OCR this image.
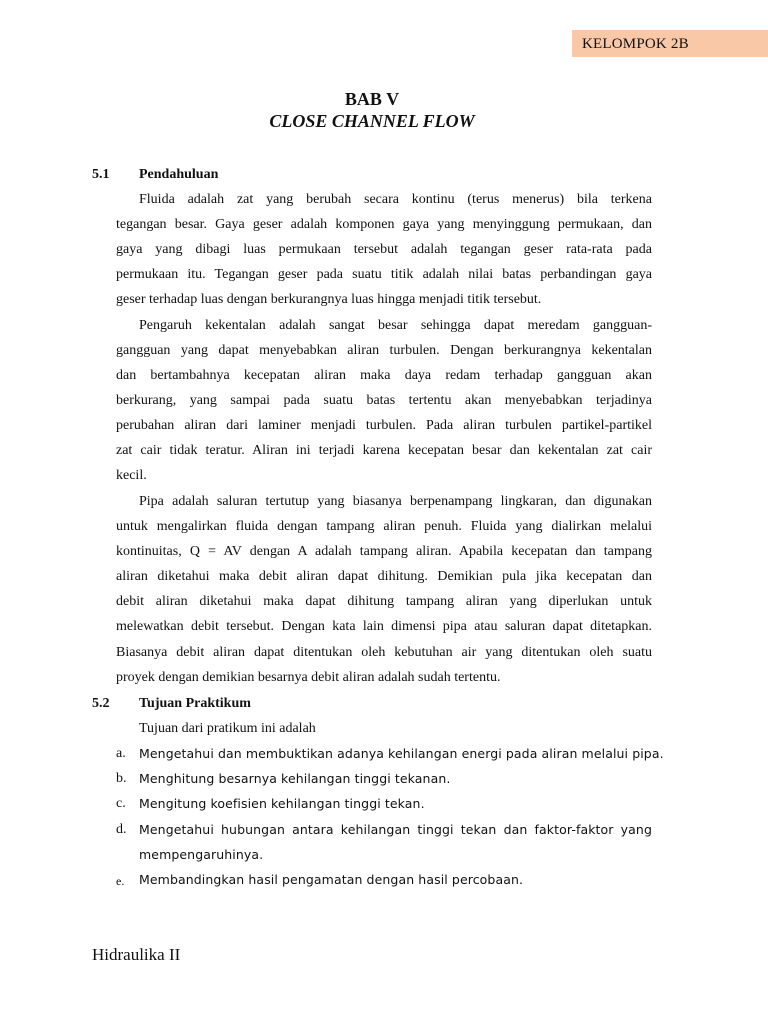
KELOMPOK 2B
BAB V
CLOSE CHANNEL FLOW
5.1 Pendahuluan
Fluida adalah zat yang berubah secara kontinu (terus menerus) bila terkena
tegangan besar. Gaya geser adalah komponen gaya yang menyinggung permukaan, dan
gaya yang dibagi luas permukaan tersebut adalah tegangan geser rata-rata pada
permukaan itu. Tegangan geser pada suatu titik adalah nilai batas perbandingan gaya
geser terhadap luas dengan berkurangnya luas hingga menjadi titik tersebut.
Pengaruh kekentalan adalah sangat besar sehingga dapat meredam gangguan-
gangguan yang dapat menyebabkan aliran turbulen. Dengan berkurangnya kekentalan
dan bertambahnya kecepatan aliran maka daya redam terhadap gangguan akan
berkurang, yang sampai pada suatu batas tertentu akan menyebabkan terjadinya
perubahan aliran dari laminer menjadi turbulen. Pada aliran turbulen partikel-partikel
zat cair tidak teratur. Aliran ini terjadi karena kecepatan besar dan kekentalan zat cair
kecil.
Pipa adalah saluran tertutup yang biasanya berpenampang lingkaran, dan digunakan
untuk mengalirkan fluida dengan tampang aliran penuh. Fluida yang dialirkan melalui
kontinuitas, Q = AV dengan A adalah tampang aliran. Apabila kecepatan dan tampang
aliran diketahui maka debit aliran dapat dihitung. Demikian pula jika kecepatan dan
debit aliran diketahui maka dapat dihitung tampang aliran yang diperlukan untuk
melewatkan debit tersebut. Dengan kata lain dimensi pipa atau saluran dapat ditetapkan.
Biasanya debit aliran dapat ditentukan oleh kebutuhan air yang ditentukan oleh suatu
proyek dengan demikian besarnya debit aliran adalah sudah tertentu.
5.2 Tujuan Praktikum
Tujuan dari pratikum ini adalah
a. Mengetahui dan membuktikan adanya kehilangan energi pada aliran melalui pipa.
b. Menghitung besarnya kehilangan tinggi tekanan.
c. Mengitung koefisien kehilangan tinggi tekan.
d. Mengetahui hubungan antara kehilangan tinggi tekan dan faktor-faktor yang
mempengaruhinya.
e. Membandingkan hasil pengamatan dengan hasil percobaan.
Hidraulika II
